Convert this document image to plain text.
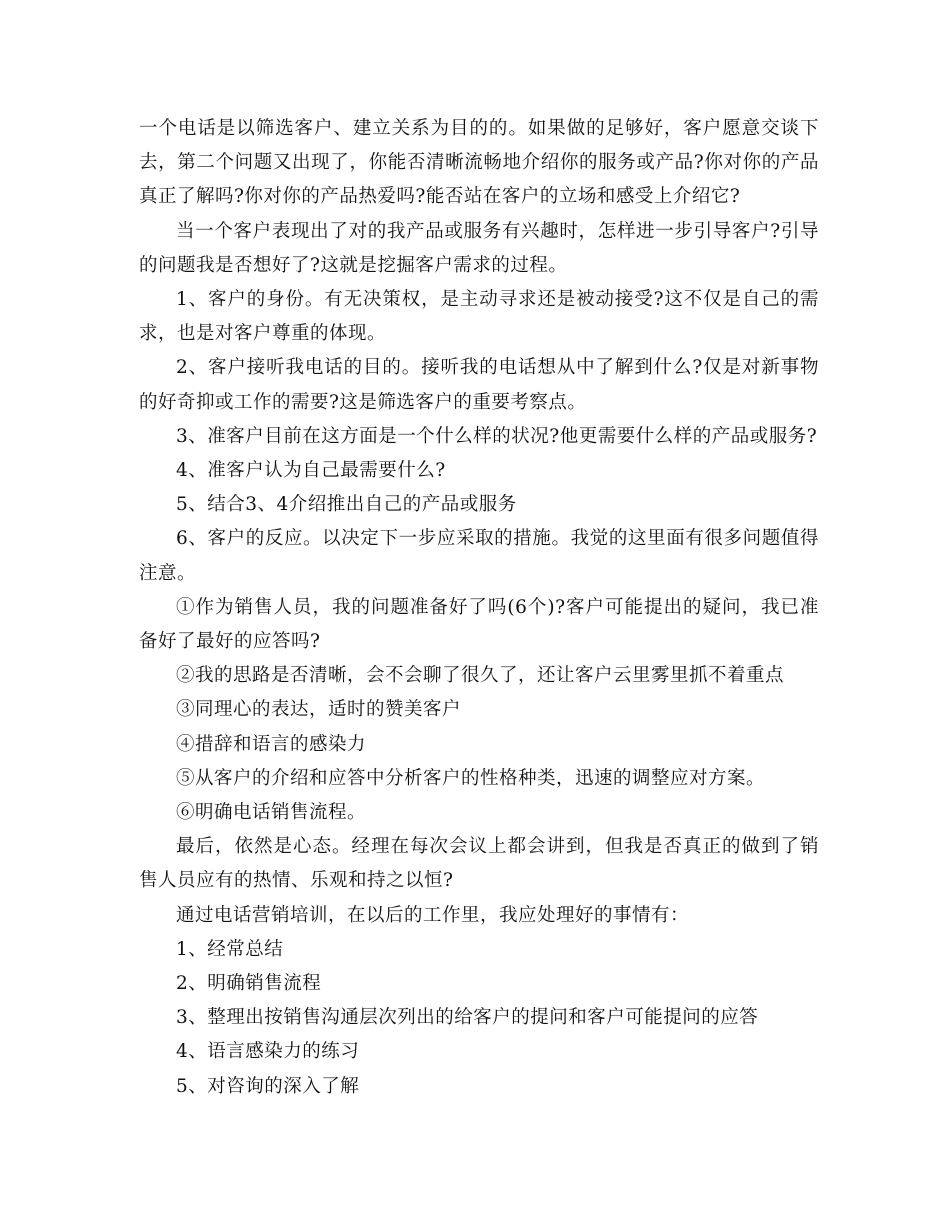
一个电话是以筛选客户、建立关系为目的的。如果做的足够好，客户愿意交谈下去，第二个问题又出现了，你能否清晰流畅地介绍你的服务或产品?你对你的产品真正了解吗?你对你的产品热爱吗?能否站在客户的立场和感受上介绍它?

当一个客户表现出了对的我产品或服务有兴趣时，怎样进一步引导客户?引导的问题我是否想好了?这就是挖掘客户需求的过程。

1、客户的身份。有无决策权，是主动寻求还是被动接受?这不仅是自己的需求，也是对客户尊重的体现。

2、客户接听我电话的目的。接听我的电话想从中了解到什么?仅是对新事物的好奇抑或工作的需要?这是筛选客户的重要考察点。

3、准客户目前在这方面是一个什么样的状况?他更需要什么样的产品或服务?

4、准客户认为自己最需要什么?

5、结合3、4介绍推出自己的产品或服务

6、客户的反应。以决定下一步应采取的措施。我觉的这里面有很多问题值得注意。

①作为销售人员，我的问题准备好了吗(6个)?客户可能提出的疑问，我已准备好了最好的应答吗?

②我的思路是否清晰，会不会聊了很久了，还让客户云里雾里抓不着重点

③同理心的表达，适时的赞美客户

④措辞和语言的感染力

⑤从客户的介绍和应答中分析客户的性格种类，迅速的调整应对方案。

⑥明确电话销售流程。

最后，依然是心态。经理在每次会议上都会讲到，但我是否真正的做到了销售人员应有的热情、乐观和持之以恒?

通过电话营销培训，在以后的工作里，我应处理好的事情有：

1、经常总结

2、明确销售流程

3、整理出按销售沟通层次列出的给客户的提问和客户可能提问的应答

4、语言感染力的练习

5、对咨询的深入了解
